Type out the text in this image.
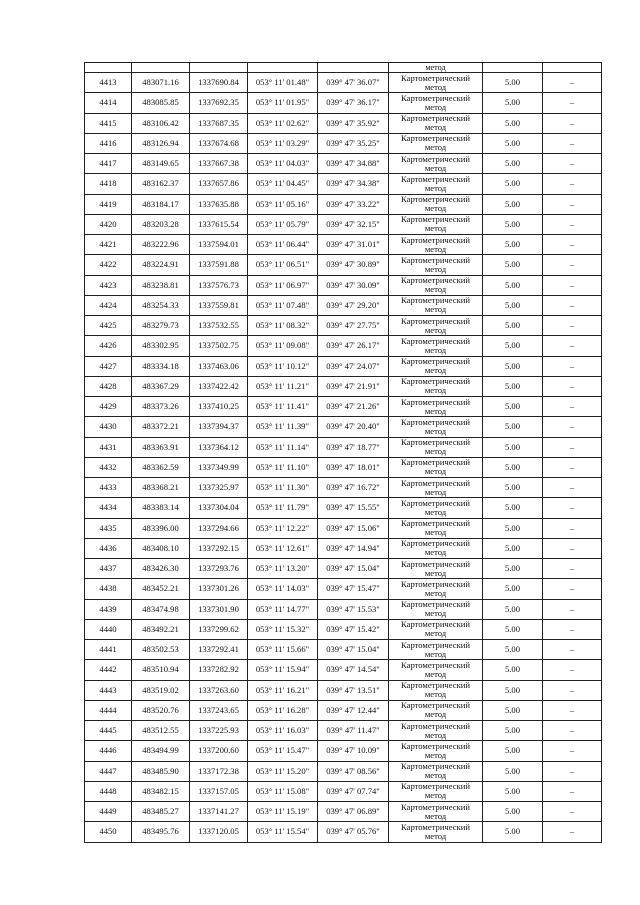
					метод		
4413	483071.16	1337690.84	053° 11' 01.48"	039° 47' 36.07"	Картометрический
метод	5.00	–
4414	483085.85	1337692.35	053° 11' 01.95"	039° 47' 36.17"	Картометрический
метод	5.00	–
4415	483106.42	1337687.35	053° 11' 02.62"	039° 47' 35.92"	Картометрический
метод	5.00	–
4416	483126.94	1337674.68	053° 11' 03.29"	039° 47' 35.25"	Картометрический
метод	5.00	–
4417	483149.65	1337667.38	053° 11' 04.03"	039° 47' 34.88"	Картометрический
метод	5.00	–
4418	483162.37	1337657.86	053° 11' 04.45"	039° 47' 34.38"	Картометрический
метод	5.00	–
4419	483184.17	1337635.88	053° 11' 05.16"	039° 47' 33.22"	Картометрический
метод	5.00	–
4420	483203.28	1337615.54	053° 11' 05.79"	039° 47' 32.15"	Картометрический
метод	5.00	–
4421	483222.96	1337594.01	053° 11' 06.44"	039° 47' 31.01"	Картометрический
метод	5.00	–
4422	483224.91	1337591.88	053° 11' 06.51"	039° 47' 30.89"	Картометрический
метод	5.00	–
4423	483238.81	1337576.73	053° 11' 06.97"	039° 47' 30.09"	Картометрический
метод	5.00	–
4424	483254.33	1337559.81	053° 11' 07.48"	039° 47' 29.20"	Картометрический
метод	5.00	–
4425	483279.73	1337532.55	053° 11' 08.32"	039° 47' 27.75"	Картометрический
метод	5.00	–
4426	483302.95	1337502.75	053° 11' 09.08"	039° 47' 26.17"	Картометрический
метод	5.00	–
4427	483334.18	1337463.06	053° 11' 10.12"	039° 47' 24.07"	Картометрический
метод	5.00	–
4428	483367.29	1337422.42	053° 11' 11.21"	039° 47' 21.91"	Картометрический
метод	5.00	–
4429	483373.26	1337410.25	053° 11' 11.41"	039° 47' 21.26"	Картометрический
метод	5.00	–
4430	483372.21	1337394.37	053° 11' 11.39"	039° 47' 20.40"	Картометрический
метод	5.00	–
4431	483363.91	1337364.12	053° 11' 11.14"	039° 47' 18.77"	Картометрический
метод	5.00	–
4432	483362.59	1337349.99	053° 11' 11.10"	039° 47' 18.01"	Картометрический
метод	5.00	–
4433	483368.21	1337325.97	053° 11' 11.30"	039° 47' 16.72"	Картометрический
метод	5.00	–
4434	483383.14	1337304.04	053° 11' 11.79"	039° 47' 15.55"	Картометрический
метод	5.00	–
4435	483396.00	1337294.66	053° 11' 12.22"	039° 47' 15.06"	Картометрический
метод	5.00	–
4436	483408.10	1337292.15	053° 11' 12.61"	039° 47' 14.94"	Картометрический
метод	5.00	–
4437	483426.30	1337293.76	053° 11' 13.20"	039° 47' 15.04"	Картометрический
метод	5.00	–
4438	483452.21	1337301.26	053° 11' 14.03"	039° 47' 15.47"	Картометрический
метод	5.00	–
4439	483474.98	1337301.90	053° 11' 14.77"	039° 47' 15.53"	Картометрический
метод	5.00	–
4440	483492.21	1337299.62	053° 11' 15.32"	039° 47' 15.42"	Картометрический
метод	5.00	–
4441	483502.53	1337292.41	053° 11' 15.66"	039° 47' 15.04"	Картометрический
метод	5.00	–
4442	483510.94	1337282.92	053° 11' 15.94"	039° 47' 14.54"	Картометрический
метод	5.00	–
4443	483519.02	1337263.60	053° 11' 16.21"	039° 47' 13.51"	Картометрический
метод	5.00	–
4444	483520.76	1337243.65	053° 11' 16.28"	039° 47' 12.44"	Картометрический
метод	5.00	–
4445	483512.55	1337225.93	053° 11' 16.03"	039° 47' 11.47"	Картометрический
метод	5.00	–
4446	483494.99	1337200.60	053° 11' 15.47"	039° 47' 10.09"	Картометрический
метод	5.00	–
4447	483485.90	1337172.38	053° 11' 15.20"	039° 47' 08.56"	Картометрический
метод	5.00	–
4448	483482.15	1337157.05	053° 11' 15.08"	039° 47' 07.74"	Картометрический
метод	5.00	–
4449	483485.27	1337141.27	053° 11' 15.19"	039° 47' 06.89"	Картометрический
метод	5.00	–
4450	483495.76	1337120.05	053° 11' 15.54"	039° 47' 05.76"	Картометрический
метод	5.00	–
